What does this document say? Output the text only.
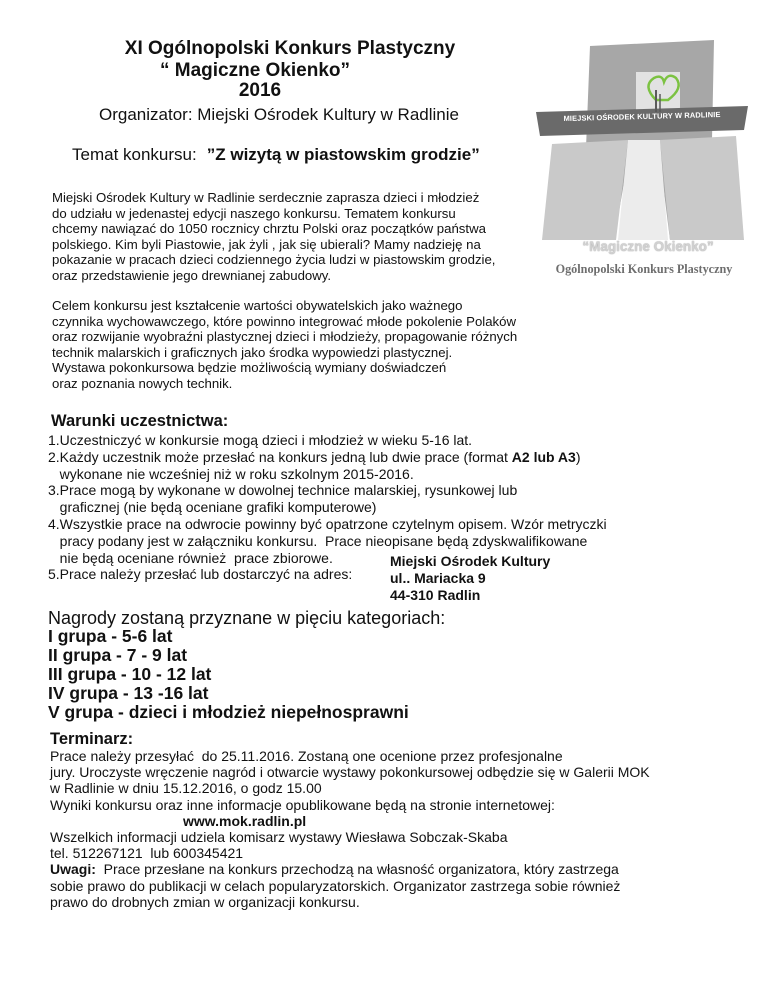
XI Ogólnopolski Konkurs Plastyczny
“ Magiczne Okienko”
2016
Organizator: Miejski Ośrodek Kultury w Radlinie
Temat konkursu: ”Z wizytą w piastowskim grodzie”
MIEJSKI OŚRODEK KULTURY W RADLINIE
“Magiczne Okienko”
Ogólnopolski Konkurs Plastyczny
Miejski Ośrodek Kultury w Radlinie serdecznie zaprasza dzieci i młodzież
do udziału w jedenastej edycji naszego konkursu. Tematem konkursu
chcemy nawiązać do 1050 rocznicy chrztu Polski oraz początków państwa
polskiego. Kim byli Piastowie, jak żyli , jak się ubierali? Mamy nadzieję na
pokazanie w pracach dzieci codziennego życia ludzi w piastowskim grodzie,
oraz przedstawienie jego drewnianej zabudowy.
Celem konkursu jest kształcenie wartości obywatelskich jako ważnego
czynnika wychowawczego, które powinno integrować młode pokolenie Polaków
oraz rozwijanie wyobraźni plastycznej dzieci i młodzieży, propagowanie różnych
technik malarskich i graficznych jako środka wypowiedzi plastycznej.
Wystawa pokonkursowa będzie możliwością wymiany doświadczeń
oraz poznania nowych technik.
Warunki uczestnictwa:
1.Uczestniczyć w konkursie mogą dzieci i młodzież w wieku 5-16 lat.
2.Każdy uczestnik może przesłać na konkurs jedną lub dwie prace (format A2 lub A3)
wykonane nie wcześniej niż w roku szkolnym 2015-2016.
3.Prace mogą by wykonane w dowolnej technice malarskiej, rysunkowej lub
graficznej (nie będą oceniane grafiki komputerowe)
4.Wszystkie prace na odwrocie powinny być opatrzone czytelnym opisem. Wzór metryczki
pracy podany jest w załączniku konkursu.  Prace nieopisane będą zdyskwalifikowane
nie będą oceniane również  prace zbiorowe.
5.Prace należy przesłać lub dostarczyć na adres:
Miejski Ośrodek Kultury
ul.. Mariacka 9
44-310 Radlin
Nagrody zostaną przyznane w pięciu kategoriach:
I grupa - 5-6 lat
II grupa - 7 - 9 lat
III grupa - 10 - 12 lat
IV grupa - 13 -16 lat
V grupa - dzieci i młodzież niepełnosprawni
Terminarz:
Prace należy przesyłać  do 25.11.2016. Zostaną one ocenione przez profesjonalne
jury. Uroczyste wręczenie nagród i otwarcie wystawy pokonkursowej odbędzie się w Galerii MOK
w Radlinie w dniu 15.12.2016, o godz 15.00
Wyniki konkursu oraz inne informacje opublikowane będą na stronie internetowej:
www.mok.radlin.pl
Wszelkich informacji udziela komisarz wystawy Wiesława Sobczak-Skaba
tel. 512267121  lub 600345421
Uwagi:  Prace przesłane na konkurs przechodzą na własność organizatora, który zastrzega
sobie prawo do publikacji w celach popularyzatorskich. Organizator zastrzega sobie również
prawo do drobnych zmian w organizacji konkursu.
